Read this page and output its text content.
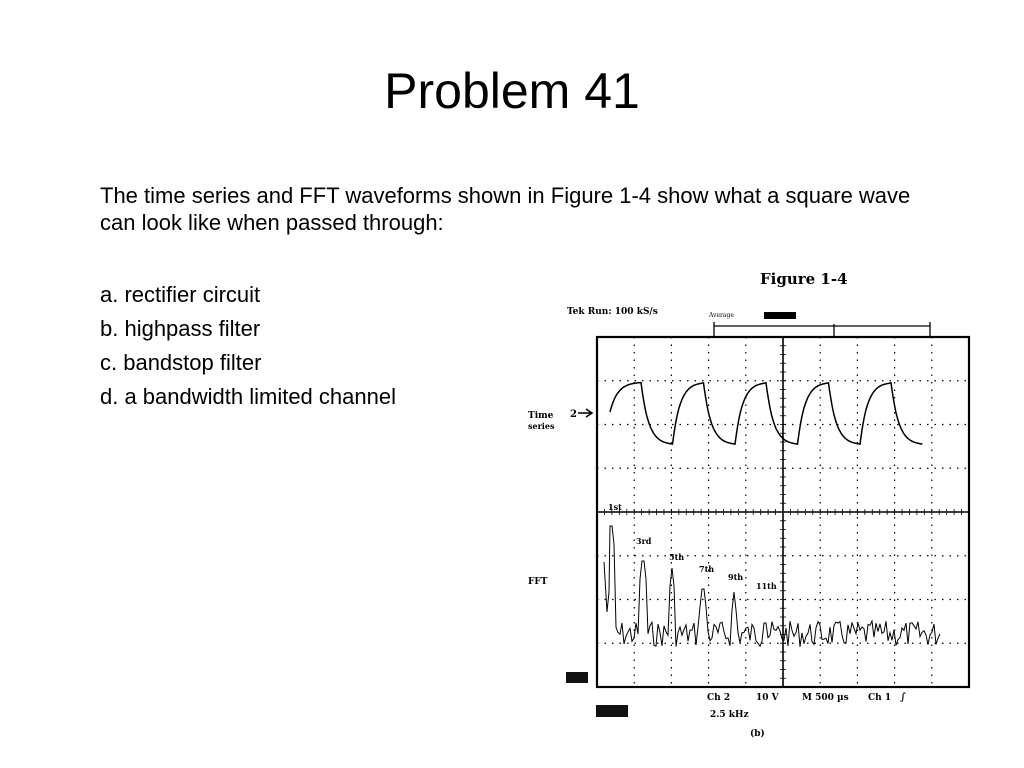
Problem 41
The time series and FFT waveforms shown in Figure 1-4 show what a square wave can look like when passed through:
a. rectifier circuit
b. highpass filter
c. bandstop filter
d. a bandwidth limited channel
Figure 1-4
Tek Run: 100 kS/s	Average
Time
series
FFT
2
1st
3rd
5th
7th
9th
11th
Ch 2	10 V	M 500 µs Ch 1 ∫
2.5 kHz
(b)
